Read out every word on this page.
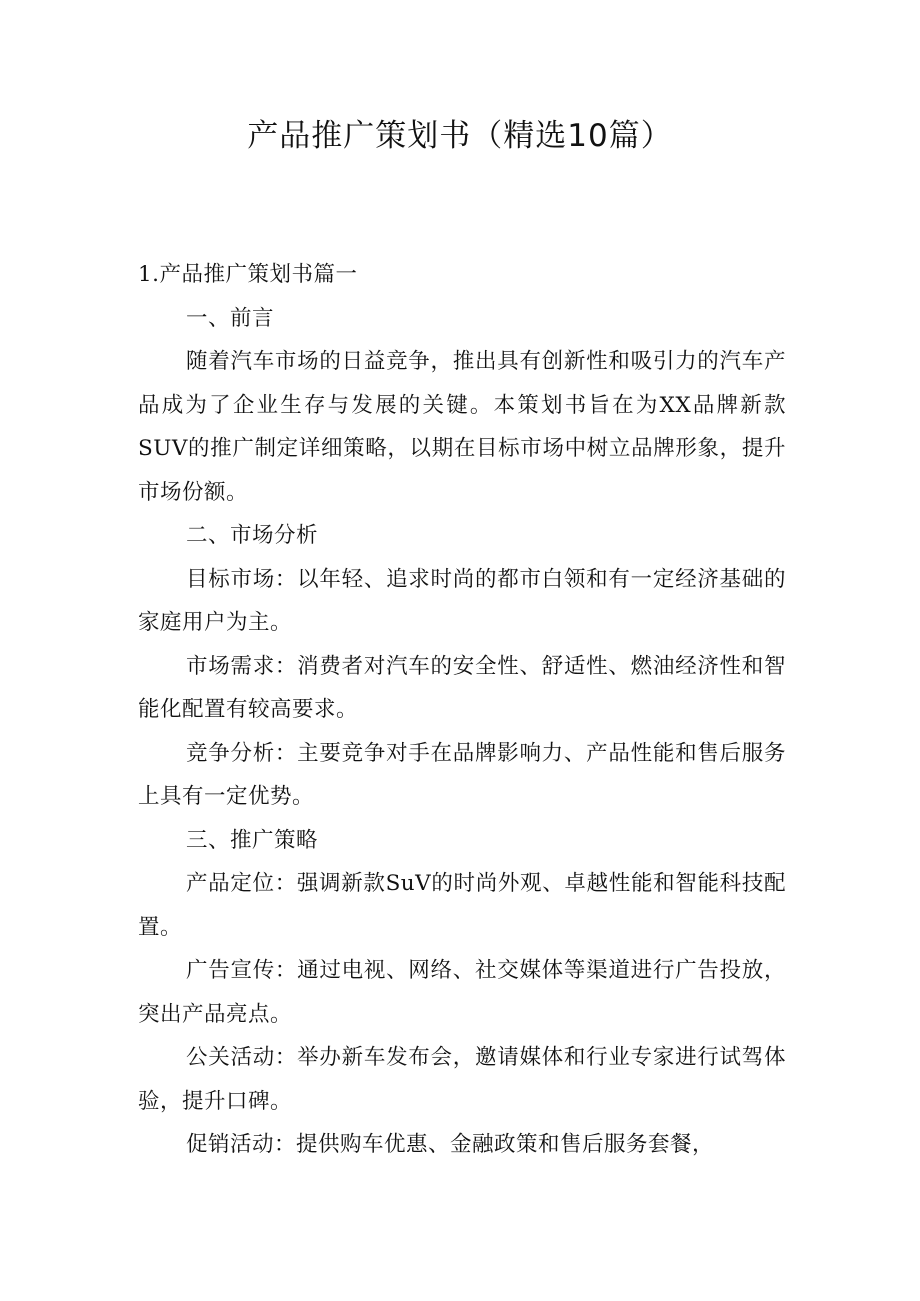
产品推广策划书（精选10篇）

1.产品推广策划书篇一

一、前言

随着汽车市场的日益竞争，推出具有创新性和吸引力的汽车产品成为了企业生存与发展的关键。本策划书旨在为XX品牌新款SUV的推广制定详细策略，以期在目标市场中树立品牌形象，提升市场份额。

二、市场分析

目标市场：以年轻、追求时尚的都市白领和有一定经济基础的家庭用户为主。

市场需求：消费者对汽车的安全性、舒适性、燃油经济性和智能化配置有较高要求。

竞争分析：主要竞争对手在品牌影响力、产品性能和售后服务上具有一定优势。

三、推广策略

产品定位：强调新款SuV的时尚外观、卓越性能和智能科技配置。

广告宣传：通过电视、网络、社交媒体等渠道进行广告投放，突出产品亮点。

公关活动：举办新车发布会，邀请媒体和行业专家进行试驾体验，提升口碑。

促销活动：提供购车优惠、金融政策和售后服务套餐，
